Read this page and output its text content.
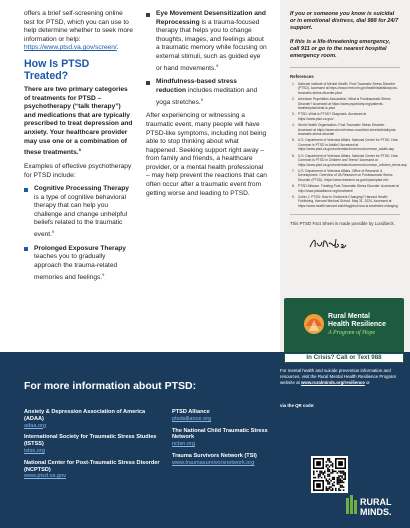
offers a brief self-screening online test for PTSD, which you can use to help determine whether to seek more information or help: https://www.ptsd.va.gov/screen/.

How Is PTSD Treated?

There are two primary categories of treatments for PTSD – psychotherapy (“talk therapy”) and medications that are typically prescribed to treat depression and anxiety. Your healthcare provider may use one or a combination of these treatments.$^8$

Examples of effective psychotherapy for PTSD include:

Cognitive Processing Therapy is a type of cognitive behavioral therapy that can help you challenge and change unhelpful beliefs related to the traumatic event.$^9$
Prolonged Exposure Therapy teaches you to gradually approach the trauma-related memories and feelings.$^9$
Eye Movement Desensitization and Reprocessing is a trauma-focused therapy that helps you to change thoughts, images, and feelings about a traumatic memory while focusing on external stimuli, such as guided eye or hand movements.$^9$
Mindfulness-based stress reduction includes meditation and yoga stretches.$^9$

After experiencing or witnessing a traumatic event, many people will have PTSD-like symptoms, including not being able to stop thinking about what happened. Seeking support right away – from family and friends, a healthcare provider, or a mental health professional – may help prevent the reactions that can often occur after a traumatic event from getting worse and leading to PTSD.

If you or someone you know is suicidal or in emotional distress, dial 988 for 24/7 support.

If this is a life-threatening emergency, call 911 or go to the nearest hospital emergency room.

References
1. National Institute of Mental Health. Post-Traumatic Stress Disorder (PTSD). Accessed at https://www.nimh.nih.gov/health/statistics/post-traumatic-stress-disorder-ptsd
2. American Psychiatric Association. What is Posttraumatic Stress Disorder? Accessed at https://www.psychiatry.org/patients-families/ptsd/what-is-ptsd
3. PTSD: What is PTSD? Diagnosis. Accessed at https://www.ptsd.va.gov/
4. World Health Organization. Post-Traumatic Stress Disorder. Accessed at https://www.who.int/news-room/fact-sheets/detail/post-traumatic-stress-disorder
5. U.S. Department of Veterans Affairs. National Center for PTSD. How Common is PTSD in Adults? Accessed at https://www.ptsd.va.gov/understand/common/common_adults.asp
6. U.S. Department of Veterans Affairs. National Center for PTSD. How Common is PTSD in Children and Teens? Accessed at https://www.ptsd.va.gov/understand/common/common_children_teens.asp
7. U.S. Department of Veterans Affairs. Office of Research & Development. Overview of VA Research on Posttraumatic Stress Disorder (PTSD). https://www.research.va.gov/topics/ptsd.cfm
8. PTSD Alliance. Treating Post-Traumatic Stress Disorder. Accessed at http://www.ptsdalliance.org/treatment/
9. Cutler J. PTSD: How is Treatment Changing? Harvard Health Publishing. Harvard Medical School. May 31, 2024. Accessed at https://www.health.harvard.edu/blog/ptsd-how-is-treatment-changing

This PTSD Fact Sheet is made possible by Lundbeck.

Rural Mental
Health Resilience
A Program of Hope
For more information about PTSD:
Anxiety & Depression Association of America (ADAA)
adaa.org
International Society for Traumatic Stress Studies (ISTSS)
istss.org
National Center for Post-Traumatic Stress Disorder (NCPTSD)
www.ptsd.va.gov
PTSD Alliance
ptsdalliance.org
The National Child Traumatic Stress Network
nctsn.org
Trauma Survivors Network (TSI)
www.traumasurvivorsnetwork.org
In Crisis? Call or Text 988
For mental health and suicide prevention information and resources, visit the Rural Mental Health Resilience Program website at www.ruralminds.org/resilience or
via the QR code:
RURAL
MINDS.
